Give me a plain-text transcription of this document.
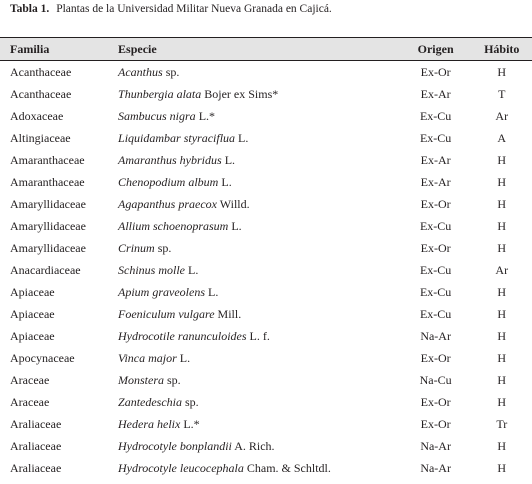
Tabla 1. Plantas de la Universidad Militar Nueva Granada en Cajicá.
Familia	Especie	Origen	Hábito
Acanthaceae	Acanthus sp.	Ex-Or	H
Acanthaceae	Thunbergia alata Bojer ex Sims*	Ex-Ar	T
Adoxaceae	Sambucus nigra L.*	Ex-Cu	Ar
Altingiaceae	Liquidambar styraciflua L.	Ex-Cu	A
Amaranthaceae	Amaranthus hybridus L.	Ex-Ar	H
Amaranthaceae	Chenopodium album L.	Ex-Ar	H
Amaryllidaceae	Agapanthus praecox Willd.	Ex-Or	H
Amaryllidaceae	Allium schoenoprasum L.	Ex-Cu	H
Amaryllidaceae	Crinum sp.	Ex-Or	H
Anacardiaceae	Schinus molle L.	Ex-Cu	Ar
Apiaceae	Apium graveolens L.	Ex-Cu	H
Apiaceae	Foeniculum vulgare Mill.	Ex-Cu	H
Apiaceae	Hydrocotile ranunculoides L. f.	Na-Ar	H
Apocynaceae	Vinca major L.	Ex-Or	H
Araceae	Monstera sp.	Na-Cu	H
Araceae	Zantedeschia sp.	Ex-Or	H
Araliaceae	Hedera helix L.*	Ex-Or	Tr
Araliaceae	Hydrocotyle bonplandii A. Rich.	Na-Ar	H
Araliaceae	Hydrocotyle leucocephala Cham. & Schltdl.	Na-Ar	H
